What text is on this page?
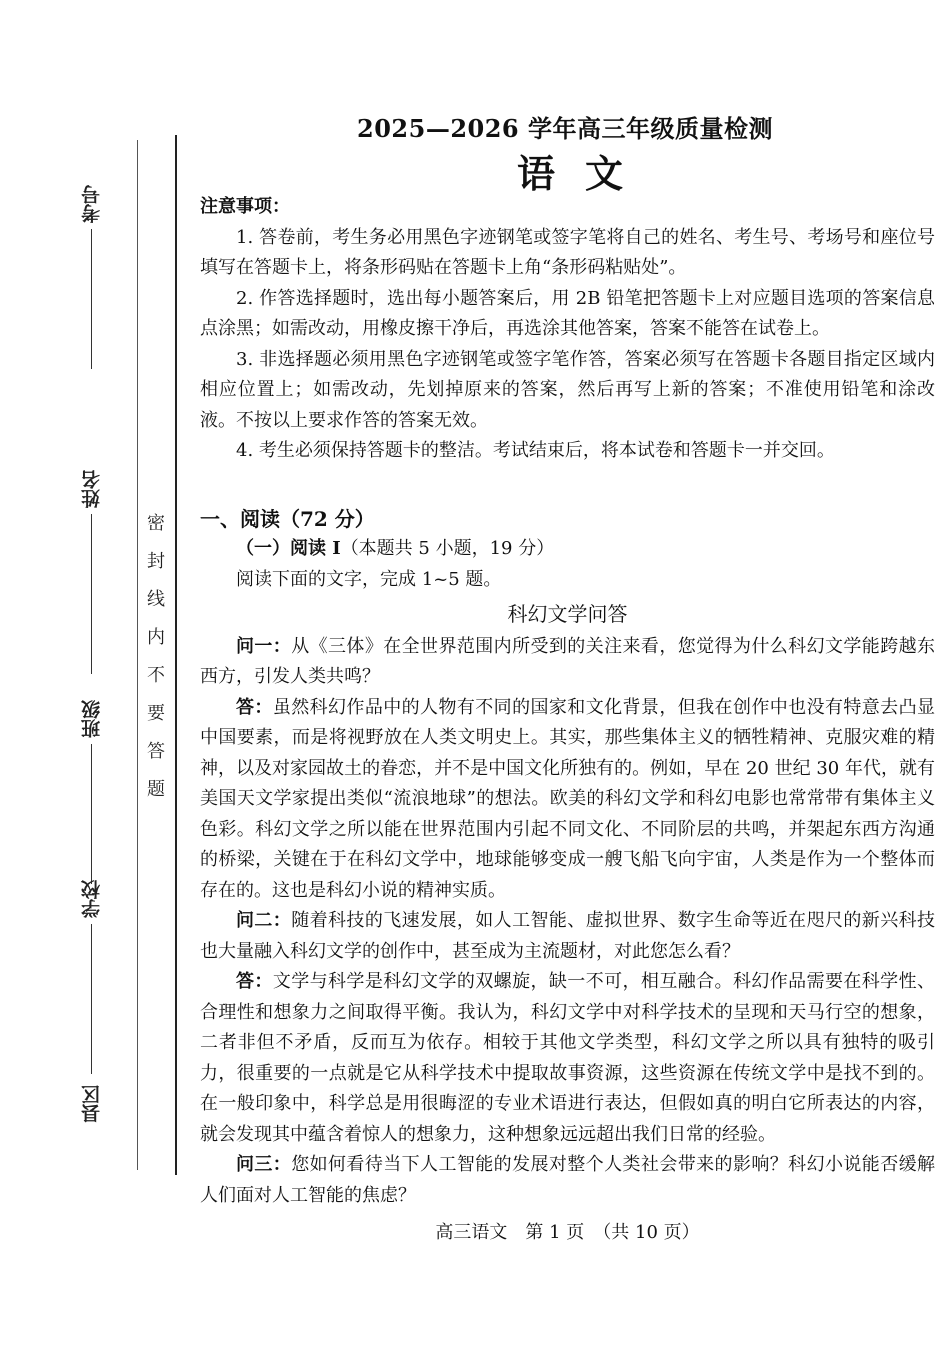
密封线内不要答题
考号
姓名
班级
学校
县区
2025—2026 学年高三年级质量检测
语文

注意事项：

1. 答卷前，考生务必用黑色字迹钢笔或签字笔将自己的姓名、考生号、考场号和座位号填写在答题卡上，将条形码贴在答题卡上角“条形码粘贴处”。

2. 作答选择题时，选出每小题答案后，用 2B 铅笔把答题卡上对应题目选项的答案信息点涂黑；如需改动，用橡皮擦干净后，再选涂其他答案，答案不能答在试卷上。

3. 非选择题必须用黑色字迹钢笔或签字笔作答，答案必须写在答题卡各题目指定区域内相应位置上；如需改动，先划掉原来的答案，然后再写上新的答案；不准使用铅笔和涂改液。不按以上要求作答的答案无效。

4. 考生必须保持答题卡的整洁。考试结束后，将本试卷和答题卡一并交回。

一、阅读（72 分）

（一）阅读 I（本题共 5 小题，19 分）

阅读下面的文字，完成 1~5 题。

科幻文学问答

问一：从《三体》在全世界范围内所受到的关注来看，您觉得为什么科幻文学能跨越东西方，引发人类共鸣？

答：虽然科幻作品中的人物有不同的国家和文化背景，但我在创作中也没有特意去凸显中国要素，而是将视野放在人类文明史上。其实，那些集体主义的牺牲精神、克服灾难的精神，以及对家园故土的眷恋，并不是中国文化所独有的。例如，早在 20 世纪 30 年代，就有美国天文学家提出类似“流浪地球”的想法。欧美的科幻文学和科幻电影也常常带有集体主义色彩。科幻文学之所以能在世界范围内引起不同文化、不同阶层的共鸣，并架起东西方沟通的桥梁，关键在于在科幻文学中，地球能够变成一艘飞船飞向宇宙，人类是作为一个整体而存在的。这也是科幻小说的精神实质。

问二：随着科技的飞速发展，如人工智能、虚拟世界、数字生命等近在咫尺的新兴科技也大量融入科幻文学的创作中，甚至成为主流题材，对此您怎么看？

答：文学与科学是科幻文学的双螺旋，缺一不可，相互融合。科幻作品需要在科学性、合理性和想象力之间取得平衡。我认为，科幻文学中对科学技术的呈现和天马行空的想象，二者非但不矛盾，反而互为依存。相较于其他文学类型，科幻文学之所以具有独特的吸引力，很重要的一点就是它从科学技术中提取故事资源，这些资源在传统文学中是找不到的。在一般印象中，科学总是用很晦涩的专业术语进行表达，但假如真的明白它所表达的内容，就会发现其中蕴含着惊人的想象力，这种想象远远超出我们日常的经验。

问三：您如何看待当下人工智能的发展对整个人类社会带来的影响？科幻小说能否缓解人们面对人工智能的焦虑？

高三语文　第 1 页　（共 10 页）
